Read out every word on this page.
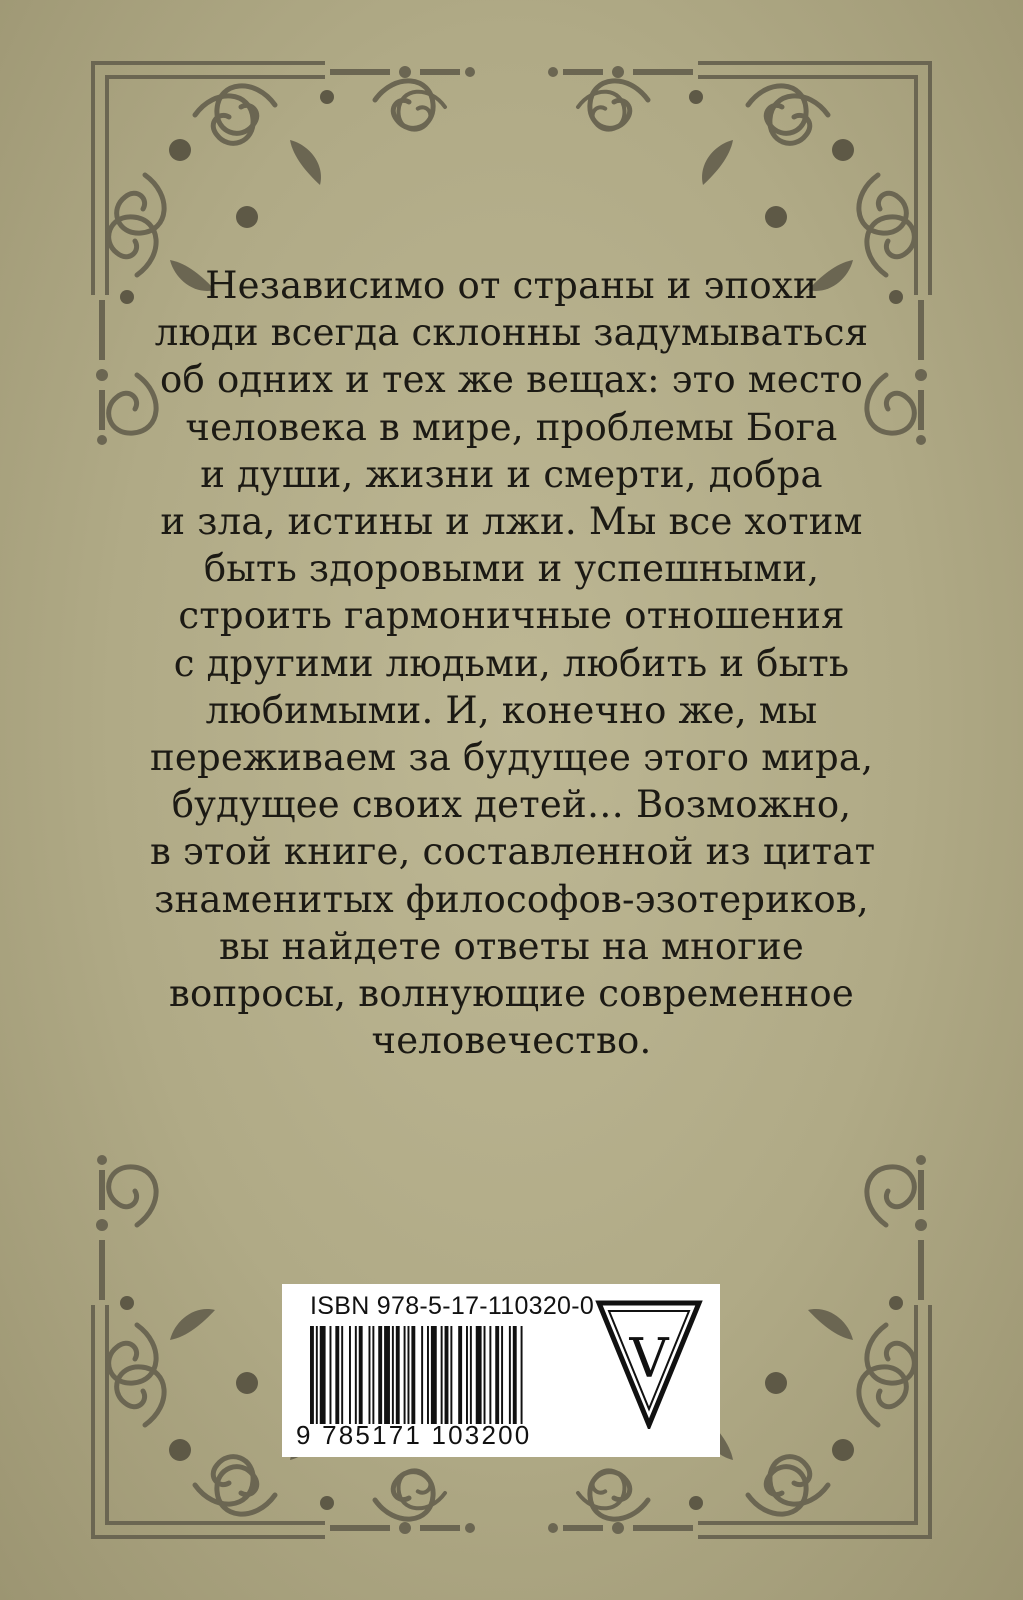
Независимо от страны и эпохи
люди всегда склонны задумываться
об одних и тех же вещах: это место
человека в мире, проблемы Бога
и души, жизни и смерти, добра
и зла, истины и лжи. Мы все хотим
быть здоровыми и успешными,
строить гармоничные отношения
с другими людьми, любить и быть
любимыми. И, конечно же, мы
переживаем за будущее этого мира,
будущее своих детей… Возможно,
в этой книге, составленной из цитат
знаменитых философов-эзотериков,
вы найдете ответы на многие
вопросы, волнующие современное
человечество.

ISBN 978-5-17-110320-0
9 785171 103200
V
